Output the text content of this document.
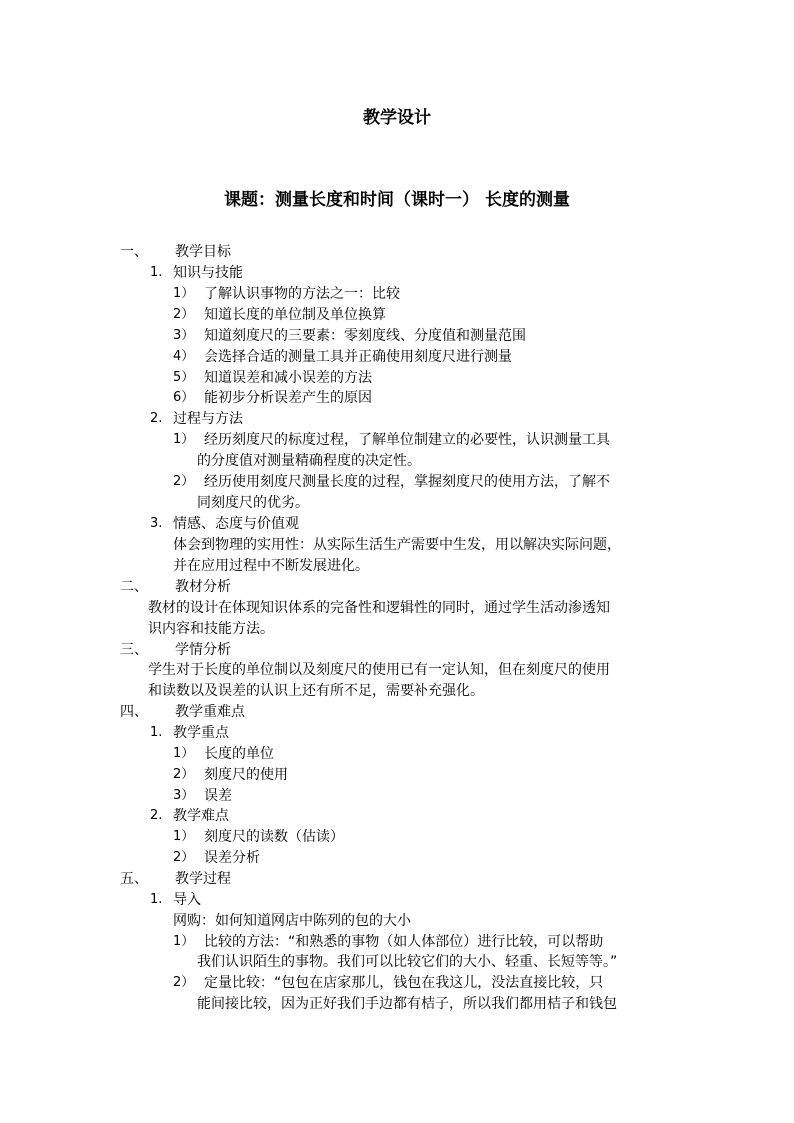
教学设计
课题：测量长度和时间（课时一） 长度的测量
一、 教学目标
1. 知识与技能
1） 了解认识事物的方法之一：比较
2） 知道长度的单位制及单位换算
3） 知道刻度尺的三要素：零刻度线、分度值和测量范围
4） 会选择合适的测量工具并正确使用刻度尺进行测量
5） 知道误差和减小误差的方法
6） 能初步分析误差产生的原因
2. 过程与方法
1） 经历刻度尺的标度过程，了解单位制建立的必要性，认识测量工具
的分度值对测量精确程度的决定性。
2） 经历使用刻度尺测量长度的过程，掌握刻度尺的使用方法，了解不
同刻度尺的优劣。
3. 情感、态度与价值观
体会到物理的实用性：从实际生活生产需要中生发，用以解决实际问题，
并在应用过程中不断发展进化。
二、 教材分析
教材的设计在体现知识体系的完备性和逻辑性的同时，通过学生活动渗透知
识内容和技能方法。
三、 学情分析
学生对于长度的单位制以及刻度尺的使用已有一定认知，但在刻度尺的使用
和读数以及误差的认识上还有所不足，需要补充强化。
四、 教学重难点
1. 教学重点
1） 长度的单位
2） 刻度尺的使用
3） 误差
2. 教学难点
1） 刻度尺的读数（估读）
2） 误差分析
五、 教学过程
1. 导入
网购：如何知道网店中陈列的包的大小
1） 比较的方法：“和熟悉的事物（如人体部位）进行比较，可以帮助
我们认识陌生的事物。我们可以比较它们的大小、轻重、长短等等。”
2） 定量比较：“包包在店家那儿，钱包在我这儿，没法直接比较，只
能间接比较，因为正好我们手边都有桔子，所以我们都用桔子和钱包
